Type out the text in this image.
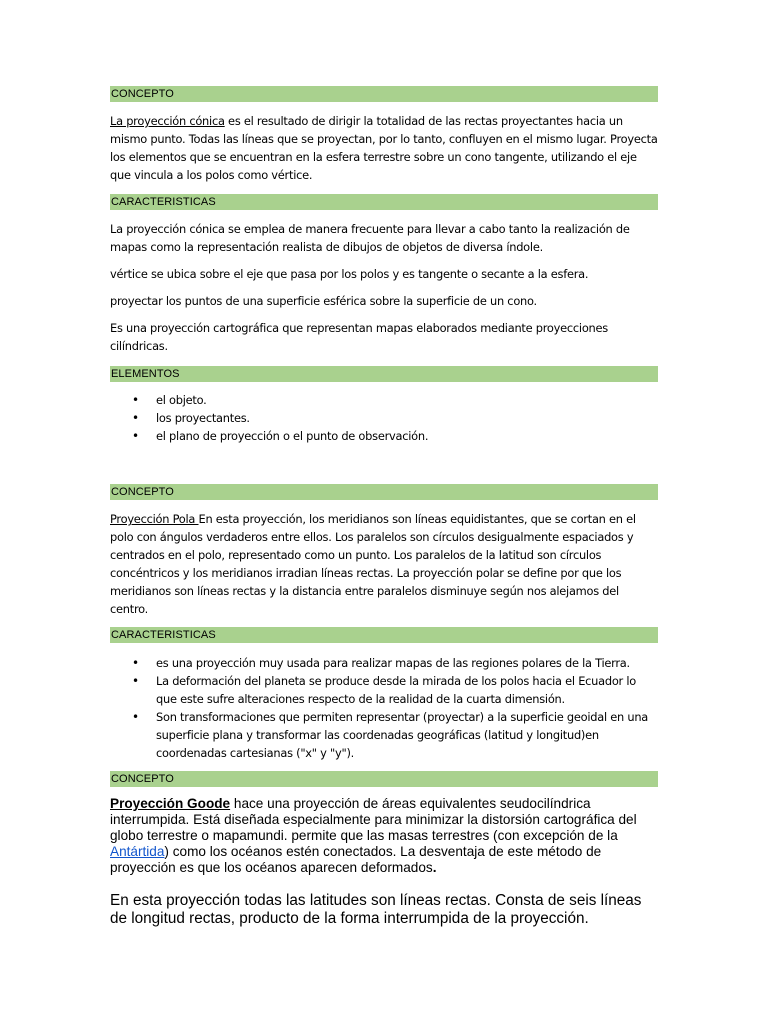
CONCEPTO

La proyección cónica es el resultado de dirigir la totalidad de las rectas proyectantes hacia un mismo punto. Todas las líneas que se proyectan, por lo tanto, confluyen en el mismo lugar. Proyecta los elementos que se encuentran en la esfera terrestre sobre un cono tangente, utilizando el eje que vincula a los polos como vértice.

CARACTERISTICAS

La proyección cónica se emplea de manera frecuente para llevar a cabo tanto la realización de mapas como la representación realista de dibujos de objetos de diversa índole.

vértice se ubica sobre el eje que pasa por los polos y es tangente o secante a la esfera.

proyectar los puntos de una superficie esférica sobre la superficie de un cono.

Es una proyección cartográfica que representan mapas elaborados mediante proyecciones cilíndricas.

ELEMENTOS
• el objeto.
• los proyectantes.
• el plano de proyección o el punto de observación.
CONCEPTO

Proyección Pola En esta proyección, los meridianos son líneas equidistantes, que se cortan en el polo con ángulos verdaderos entre ellos. Los paralelos son círculos desigualmente espaciados y centrados en el polo, representado como un punto. Los paralelos de la latitud son círculos concéntricos y los meridianos irradian líneas rectas. La proyección polar se define por que los meridianos son líneas rectas y la distancia entre paralelos disminuye según nos alejamos del centro.

CARACTERISTICAS
• es una proyección muy usada para realizar mapas de las regiones polares de la Tierra.
• La deformación del planeta se produce desde la mirada de los polos hacia el Ecuador lo que este sufre alteraciones respecto de la realidad de la cuarta dimensión.
• Son transformaciones que permiten representar (proyectar) a la superficie geoidal en una superficie plana y transformar las coordenadas geográficas (latitud y longitud)en coordenadas cartesianas ("x" y "y").
CONCEPTO

Proyección Goode hace una proyección de áreas equivalentes seudocilíndrica interrumpida. Está diseñada especialmente para minimizar la distorsión cartográfica del globo terrestre o mapamundi. permite que las masas terrestres (con excepción de la Antártida) como los océanos estén conectados. La desventaja de este método de proyección es que los océanos aparecen deformados.

En esta proyección todas las latitudes son líneas rectas. Consta de seis líneas de longitud rectas, producto de la forma interrumpida de la proyección.
